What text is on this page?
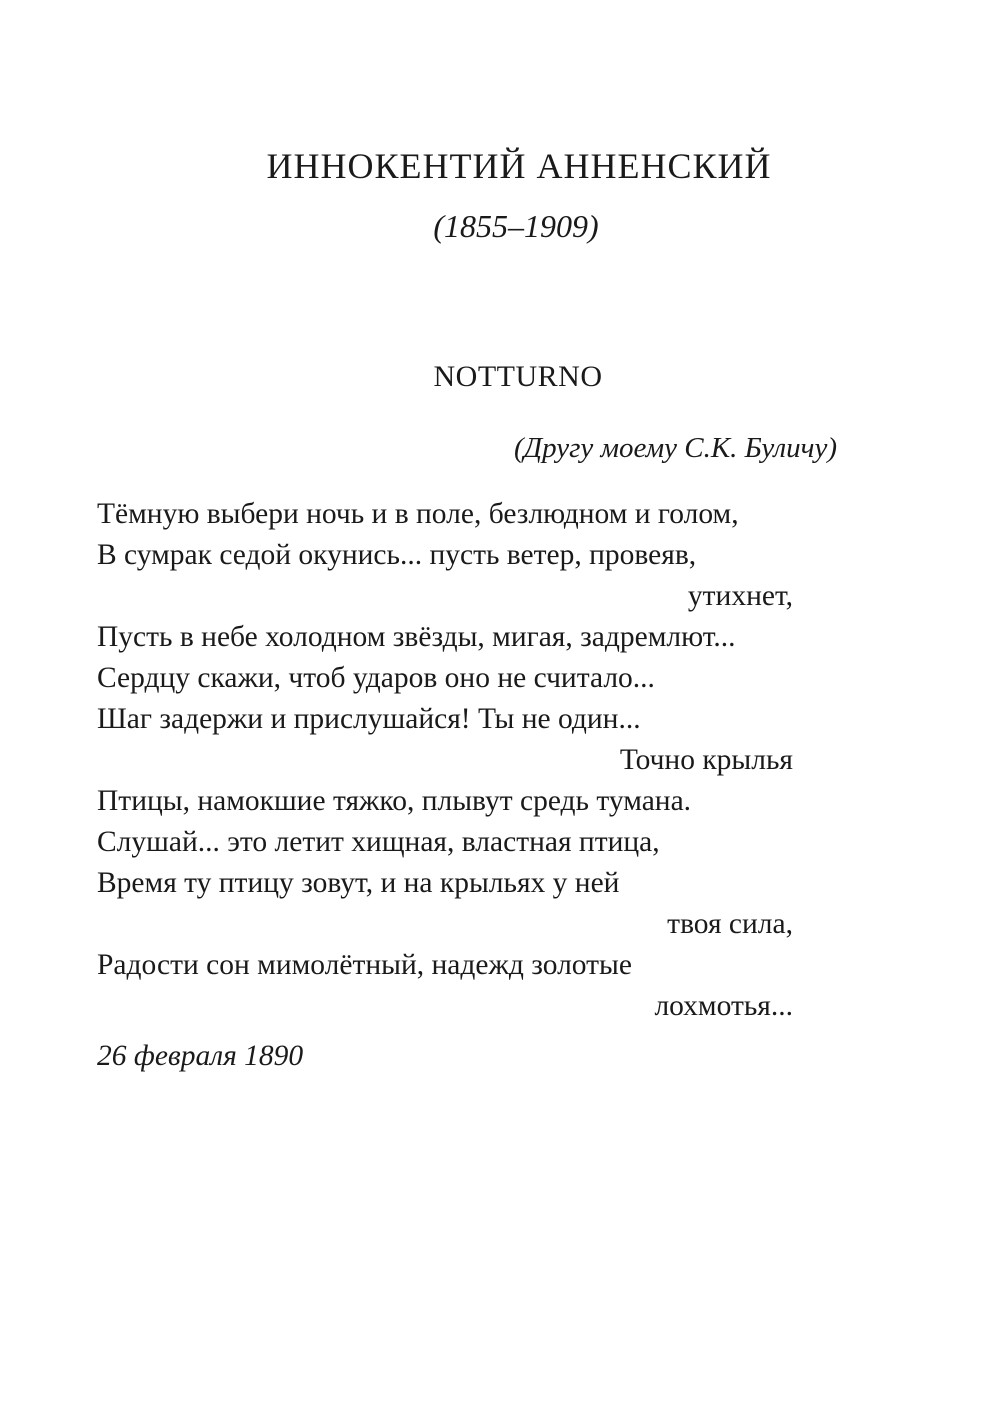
ИННОКЕНТИЙ АННЕНСКИЙ
(1855–1909)
NOTTURNO
(Другу моему С.К. Буличу)
Тёмную выбери ночь и в поле, безлюдном и голом,
В сумрак седой окунись... пусть ветер, провеяв,
утихнет,
Пусть в небе холодном звёзды, мигая, задремлют...
Сердцу скажи, чтоб ударов оно не считало...
Шаг задержи и прислушайся! Ты не один...
Точно крылья
Птицы, намокшие тяжко, плывут средь тумана.
Слушай... это летит хищная, властная птица,
Время ту птицу зовут, и на крыльях у ней
твоя сила,
Радости сон мимолётный, надежд золотые
лохмотья...
26 февраля 1890
